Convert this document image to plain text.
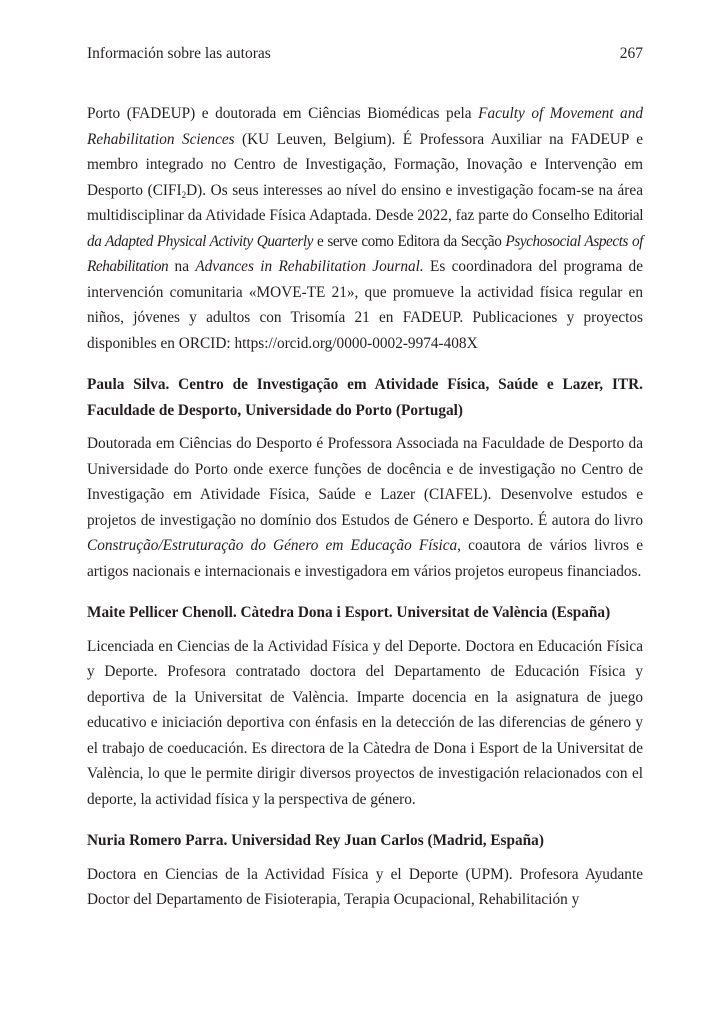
Información sobre las autoras	267

Porto (FADEUP) e doutorada em Ciências Biomédicas pela Faculty of Movement and Rehabilitation Sciences (KU Leuven, Belgium). É Professora Auxiliar na FADEUP e membro integrado no Centro de Investigação, Formação, Inovação e Intervenção em Desporto $(CIFI_2D)$. Os seus interesses ao nível do ensino e investigação focam-se na área multidisciplinar da Atividade Física Adaptada. Desde 2022, faz parte do Conselho Editorial da Adapted Physical Activity Quarterly e serve como Editora da Secção Psychosocial Aspects of Rehabilitation na Advances in Rehabilitation Journal. Es coordinadora del programa de intervención comunitaria «MOVE-TE 21», que promueve la actividad física regular en niños, jóvenes y adultos con Trisomía 21 en FADEUP. Publicaciones y proyectos disponibles en ORCID: https://orcid.org/0000-0002-9974-408X

Paula Silva. Centro de Investigação em Atividade Física, Saúde e Lazer, ITR. Faculdade de Desporto, Universidade do Porto (Portugal)

Doutorada em Ciências do Desporto é Professora Associada na Faculdade de Desporto da Universidade do Porto onde exerce funções de docência e de investigação no Centro de Investigação em Atividade Física, Saúde e Lazer (CIAFEL). Desenvolve estudos e projetos de investigação no domínio dos Estudos de Género e Desporto. É autora do livro Construção/Estruturação do Género em Educação Física, coautora de vários livros e artigos nacionais e internacionais e investigadora em vários projetos europeus financiados.

Maite Pellicer Chenoll. Càtedra Dona i Esport. Universitat de València (España)

Licenciada en Ciencias de la Actividad Física y del Deporte. Doctora en Educación Física y Deporte. Profesora contratado doctora del Departamento de Educación Física y deportiva de la Universitat de València. Imparte docencia en la asignatura de juego educativo e iniciación deportiva con énfasis en la detección de las diferencias de género y el trabajo de coeducación. Es directora de la Càtedra de Dona i Esport de la Universitat de València, lo que le permite dirigir diversos proyectos de investigación relacionados con el deporte, la actividad física y la perspectiva de género.

Nuria Romero Parra. Universidad Rey Juan Carlos (Madrid, España)

Doctora en Ciencias de la Actividad Física y el Deporte (UPM). Profesora Ayudante Doctor del Departamento de Fisioterapia, Terapia Ocupacional, Rehabilitación y
